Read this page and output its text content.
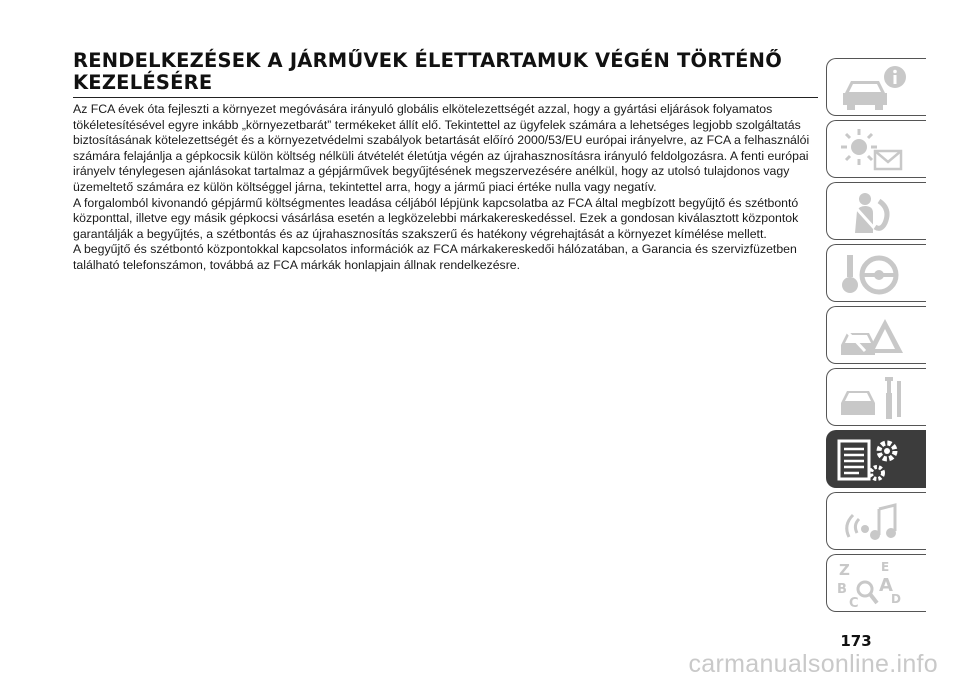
RENDELKEZÉSEK A JÁRMŰVEK ÉLETTARTAMUK VÉGÉN TÖRTÉNŐ
KEZELÉSÉRE

Az FCA évek óta fejleszti a környezet megóvására irányuló globális elkötelezettségét azzal, hogy a gyártási eljárások folyamatos tökéletesítésével egyre inkább „környezetbarát” termékeket állít elő. Tekintettel az ügyfelek számára a lehetséges legjobb szolgáltatás biztosításának kötelezettségét és a környezetvédelmi szabályok betartását előíró 2000/53/EU európai irányelvre, az FCA a felhasználói számára felajánlja a gépkocsik külön költség nélküli átvételét életútja végén az újrahasznosításra irányuló feldolgozásra. A fenti európai irányelv ténylegesen ajánlásokat tartalmaz a gépjárművek begyűjtésének megszervezésére anélkül, hogy az utolsó tulajdonos vagy üzemeltető számára ez külön költséggel járna, tekintettel arra, hogy a jármű piaci értéke nulla vagy negatív.

A forgalomból kivonandó gépjármű költségmentes leadása céljából lépjünk kapcsolatba az FCA által megbízott begyűjtő és szétbontó központtal, illetve egy másik gépkocsi vásárlása esetén a legközelebbi márkakereskedéssel. Ezek a gondosan kiválasztott központok garantálják a begyűjtés, a szétbontás és az újrahasznosítás szakszerű és hatékony végrehajtását a környezet kímélése mellett.

A begyűjtő és szétbontó központokkal kapcsolatos információk az FCA márkakereskedői hálózatában, a Garancia és szervizfüzetben található telefonszámon, továbbá az FCA márkák honlapjain állnak rendelkezésre.

Z	E
A
B
C	D
173
carmanualsonline.info
